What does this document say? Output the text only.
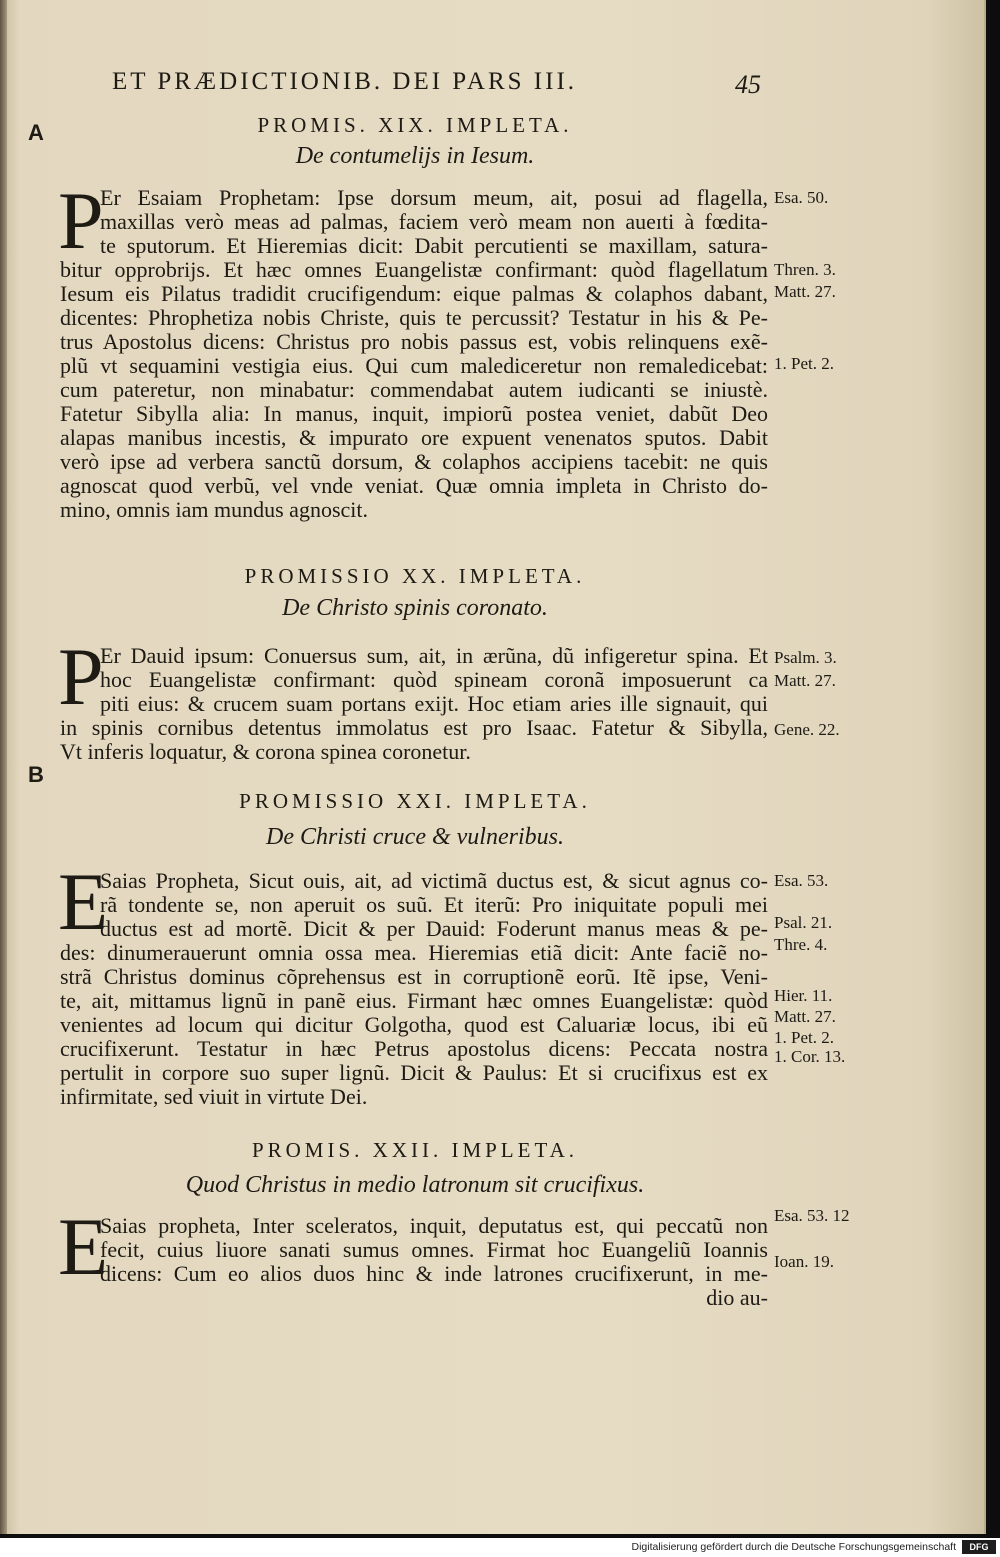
ET PRÆDICTIONIB. DEI PARS III.	45
A
B
PROMIS. XIX. IMPLETA.
De contumelijs in Iesum.
P
Er Esaiam Prophetam: Ipse dorsum meum, ait, posui ad flagella,
maxillas verò meas ad palmas, faciem verò meam non aueɪti à fœdita-
te sputorum. Et Hieremias dicit: Dabit percutienti se maxillam, satura-
bitur opprobrijs. Et hæc omnes Euangelistæ confirmant: quòd flagellatum
Iesum eis Pilatus tradidit crucifigendum: eique palmas & colaphos dabant,
dicentes: Phrophetiza nobis Christe, quis te percussit? Testatur in his & Pe-
trus Apostolus dicens: Christus pro nobis passus est, vobis relinquens exẽ-
plũ vt sequamini vestigia eius. Qui cum malediceretur non remaledicebat:
cum pateretur, non minabatur: commendabat autem iudicanti se iniustè.
Fatetur Sibylla alia: In manus, inquit, impiorũ postea veniet, dabũt Deo
alapas manibus incestis, & impurato ore expuent venenatos sputos. Dabit
verò ipse ad verbera sanctũ dorsum, & colaphos accipiens tacebit: ne quis
agnoscat quod verbũ, vel vnde veniat. Quæ omnia impleta in Christo do-
mino, omnis iam mundus agnoscit.
Esa. 50.
Thren. 3.
Matt. 27.
1. Pet. 2.
PROMISSIO XX. IMPLETA.
De Christo spinis coronato.
P
Er Dauid ipsum: Conuersus sum, ait, in ærũna, dũ infigeretur spina. Et
hoc Euangelistæ confirmant: quòd spineam coronã imposuerunt ca
piti eius: & crucem suam portans exijt. Hoc etiam aries ille signauit, qui
in spinis cornibus detentus immolatus est pro Isaac. Fatetur & Sibylla,
Vt inferis loquatur, & corona spinea coronetur.
Psalm. 3.
Matt. 27.
Gene. 22.
PROMISSIO XXI. IMPLETA.
De Christi cruce & vulneribus.
E
Saias Propheta, Sicut ouis, ait, ad victimã ductus est, & sicut agnus co-
rã tondente se, non aperuit os suũ. Et iterũ: Pro iniquitate populi mei
ductus est ad mortẽ. Dicit & per Dauid: Foderunt manus meas & pe-
des: dinumerauerunt omnia ossa mea. Hieremias etiã dicit: Ante faciẽ no-
strã Christus dominus cõprehensus est in corruptionẽ eorũ. Itẽ ipse, Veni-
te, ait, mittamus lignũ in panẽ eius. Firmant hæc omnes Euangelistæ: quòd
venientes ad locum qui dicitur Golgotha, quod est Caluariæ locus, ibi eũ
crucifixerunt. Testatur in hæc Petrus apostolus dicens: Peccata nostra
pertulit in corpore suo super lignũ. Dicit & Paulus: Et si crucifixus est ex
infirmitate, sed viuit in virtute Dei.
Esa. 53.
Psal. 21.
Thre. 4.
Hier. 11.
Matt. 27.
1. Pet. 2.
1. Cor. 13.
PROMIS. XXII. IMPLETA.
Quod Christus in medio latronum sit crucifixus.
E
Saias propheta, Inter sceleratos, inquit, deputatus est, qui peccatũ non
fecit, cuius liuore sanati sumus omnes. Firmat hoc Euangeliũ Ioannis
dicens: Cum eo alios duos hinc & inde latrones crucifixerunt, in me-
dio au-
Esa. 53. 12
Ioan. 19.
Digitalisierung gefördert durch die Deutsche Forschungsgemeinschaft	DFG
